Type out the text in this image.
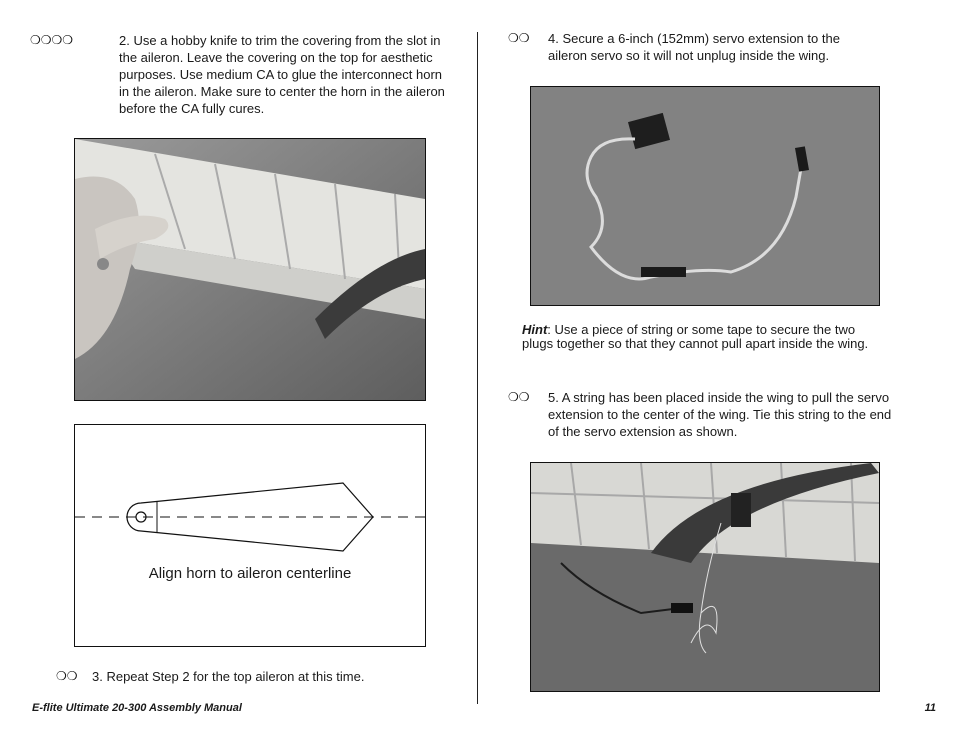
❍❍❍❍	2. Use a hobby knife to trim the covering from the slot in the aileron. Leave the covering on the top for aesthetic purposes. Use medium CA to glue the interconnect horn in the aileron. Make sure to center the horn in the aileron before the CA fully cures.
Align horn to aileron centerline
❍❍ 3. Repeat Step 2 for the top aileron at this time.
❍❍ 4. Secure a 6-inch (152mm) servo extension to the aileron servo so it will not unplug inside the wing.
Hint: Use a piece of string or some tape to secure the two plugs together so that they cannot pull apart inside the wing.
❍❍ 5. A string has been placed inside the wing to pull the servo extension to the center of the wing. Tie this string to the end of the servo extension as shown.
E-flite Ultimate 20-300 Assembly Manual	11
